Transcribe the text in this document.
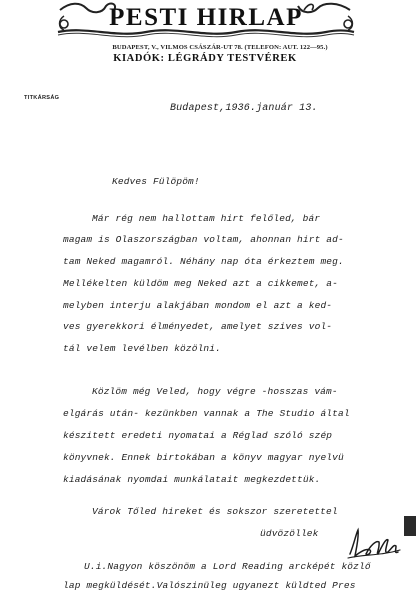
PESTI HIRLAP
BUDAPEST, V., VILMOS CSÁSZÁR-UT 78. (TELEFON: AUT. 122—95.)
KIADÓK: LÉGRÁDY TESTVÉREK
TITKÁRSÁG
Budapest,1936.január 13.
Kedves Fülöpöm!
Már rég nem hallottam hirt felőled, bár
magam is Olaszországban voltam, ahonnan hirt ad-
tam Neked magamról. Néhány nap óta érkeztem meg.
Mellékelten küldöm meg Neked azt a cikkemet, a-
melyben interju alakjában mondom el azt a ked-
ves gyerekkori élményedet, amelyet szives vol-
tál velem levélben közölni.
Közlöm még Veled, hogy végre -hosszas vám-
elgárás után- kezünkben vannak a The Studio által
készitett eredeti nyomatai a Réglad szóló szép
könyvnek. Ennek birtokában a könyv magyar nyelvü
kiadásának nyomdai munkálatait megkezdettük.
Várok Tőled hireket és sokszor szeretettel
üdvözöllek
U.i.Nagyon köszönöm a Lord Reading arcképét közlő
lap megküldését.Valószinüleg ugyanezt küldted Pres
